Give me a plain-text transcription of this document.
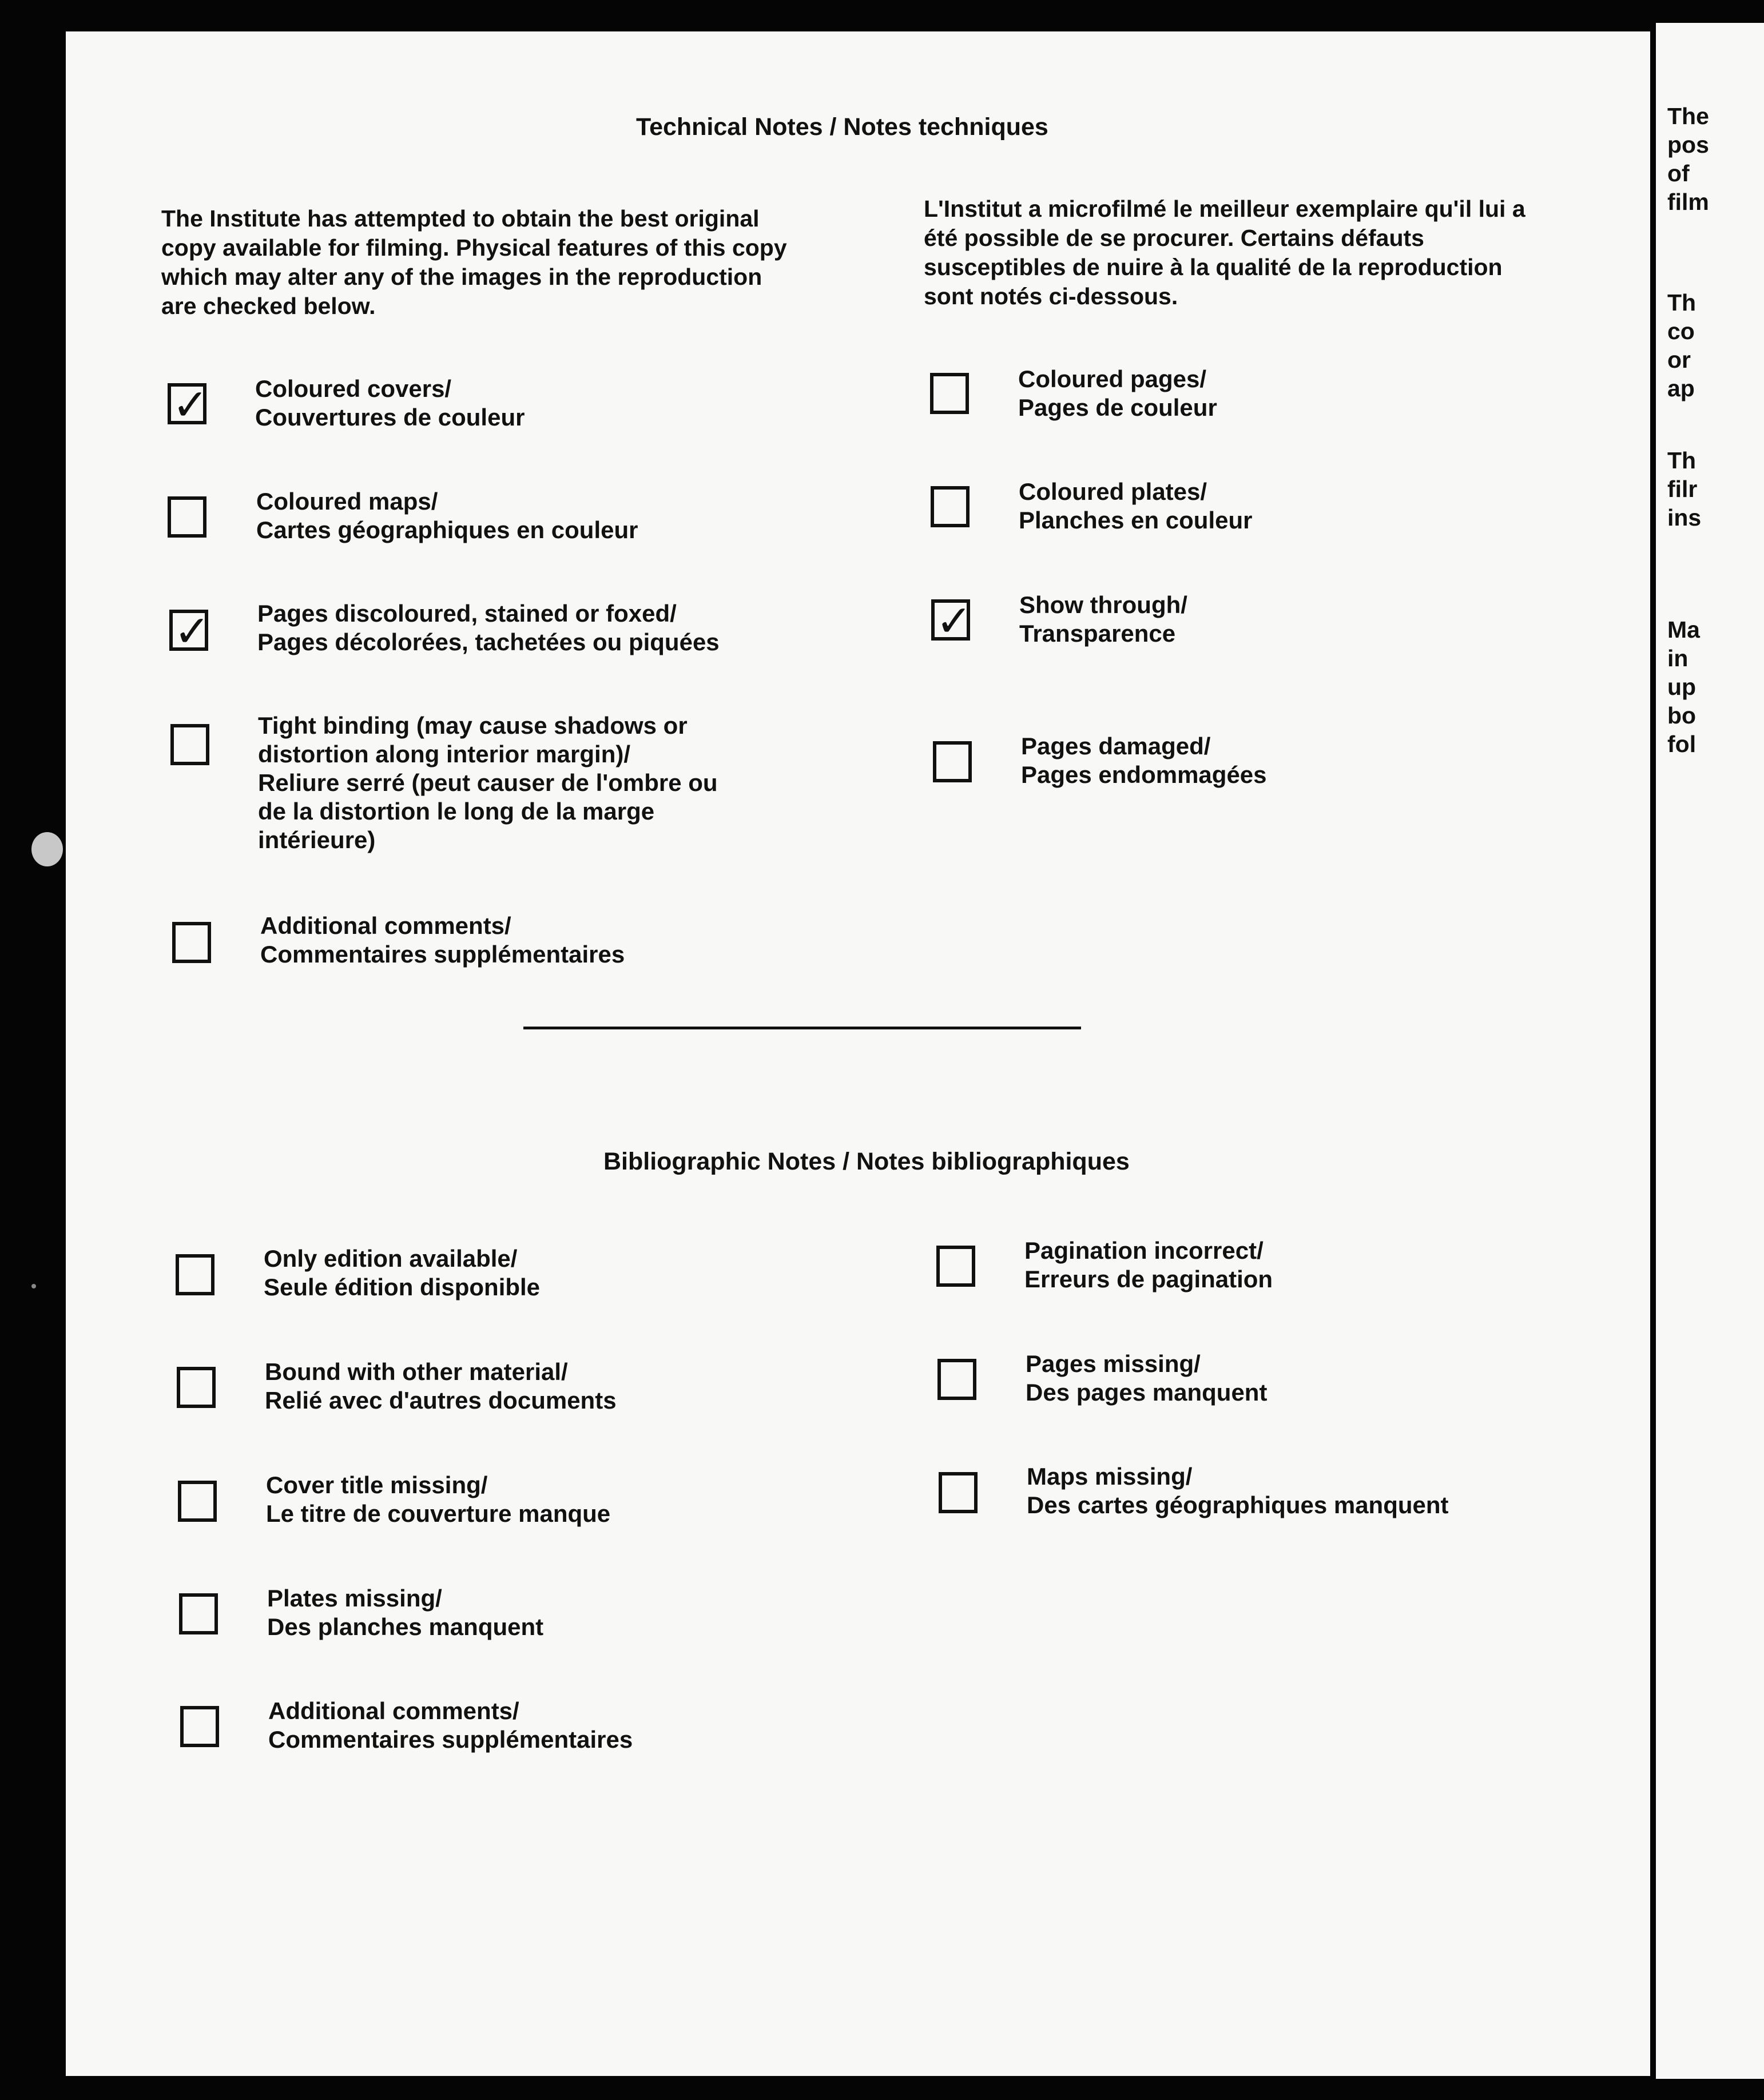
Technical Notes / Notes techniques
The Institute has attempted to obtain the best original copy available for filming. Physical features of this copy which may alter any of the images in the reproduction are checked below.
L'Institut a microfilmé le meilleur exemplaire qu'il lui a été possible de se procurer. Certains défauts susceptibles de nuire à la qualité de la reproduction sont notés ci-dessous.
✓ Coloured covers/
Couvertures de couleur
Coloured maps/
Cartes géographiques en couleur
✓ Pages discoloured, stained or foxed/
Pages décolorées, tachetées ou piquées
Tight binding (may cause shadows or
distortion along interior margin)/
Reliure serré (peut causer de l'ombre ou
de la distortion le long de la marge
intérieure)
Additional comments/
Commentaires supplémentaires
Coloured pages/
Pages de couleur
Coloured plates/
Planches en couleur
✓ Show through/
Transparence
Pages damaged/
Pages endommagées
Bibliographic Notes / Notes bibliographiques
Only edition available/
Seule édition disponible
Bound with other material/
Relié avec d'autres documents
Cover title missing/
Le titre de couverture manque
Plates missing/
Des planches manquent
Additional comments/
Commentaires supplémentaires
Pagination incorrect/
Erreurs de pagination
Pages missing/
Des pages manquent
Maps missing/
Des cartes géographiques manquent
The
pos
of
film
Th
co
or
ap
Th
filr
ins
Ma
in
up
bo
fol
